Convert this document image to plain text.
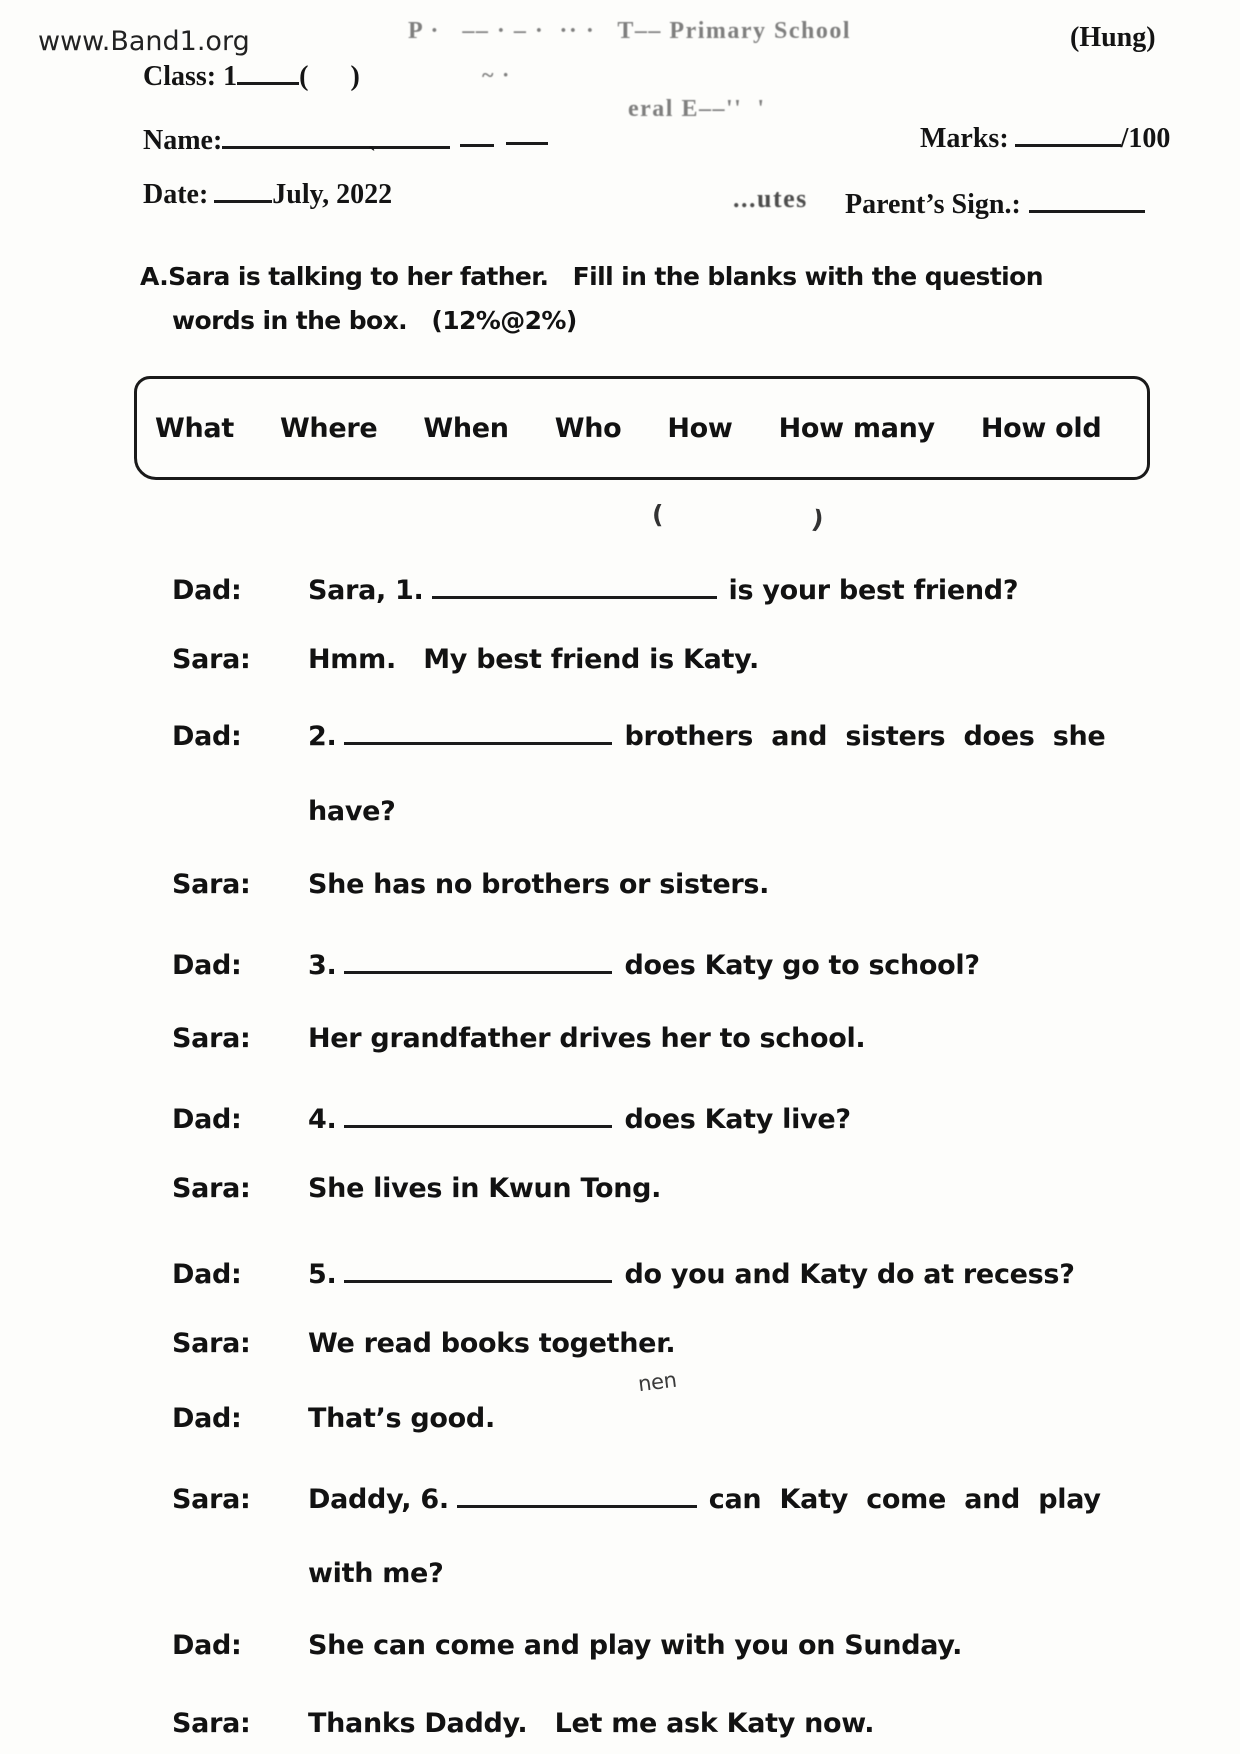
www.Band1.org	P ·   –– · – ·  ·· ·   T–– Primary School	(Hung)
Class: 1 (      )	~ ·
Name:
eral E––''  '
Marks:	/100
Date: July, 2022
`
...utes Parent’s Sign.:
A.Sara is talking to her father.   Fill in the blanks with the question
words in the box.   (12%@2%)
What Where When Who How How many How old
(	)
Dad: Sara, 1.	is your best friend?
Sara: Hmm.   My best friend is Katy.
Dad: 2.	brothers  and  sisters  does  she
have?
Sara: She has no brothers or sisters.
Dad: 3.	does Katy go to school?
Sara: Her grandfather drives her to school.
Dad: 4.	does Katy live?
Sara: She lives in Kwun Tong.
Dad: 5.	do you and Katy do at recess?
Sara: We read books together.
nen
Dad: That’s good.
Sara: Daddy, 6.	can  Katy  come  and  play
with me?
Dad: She can come and play with you on Sunday.
Sara: Thanks Daddy.   Let me ask Katy now.
